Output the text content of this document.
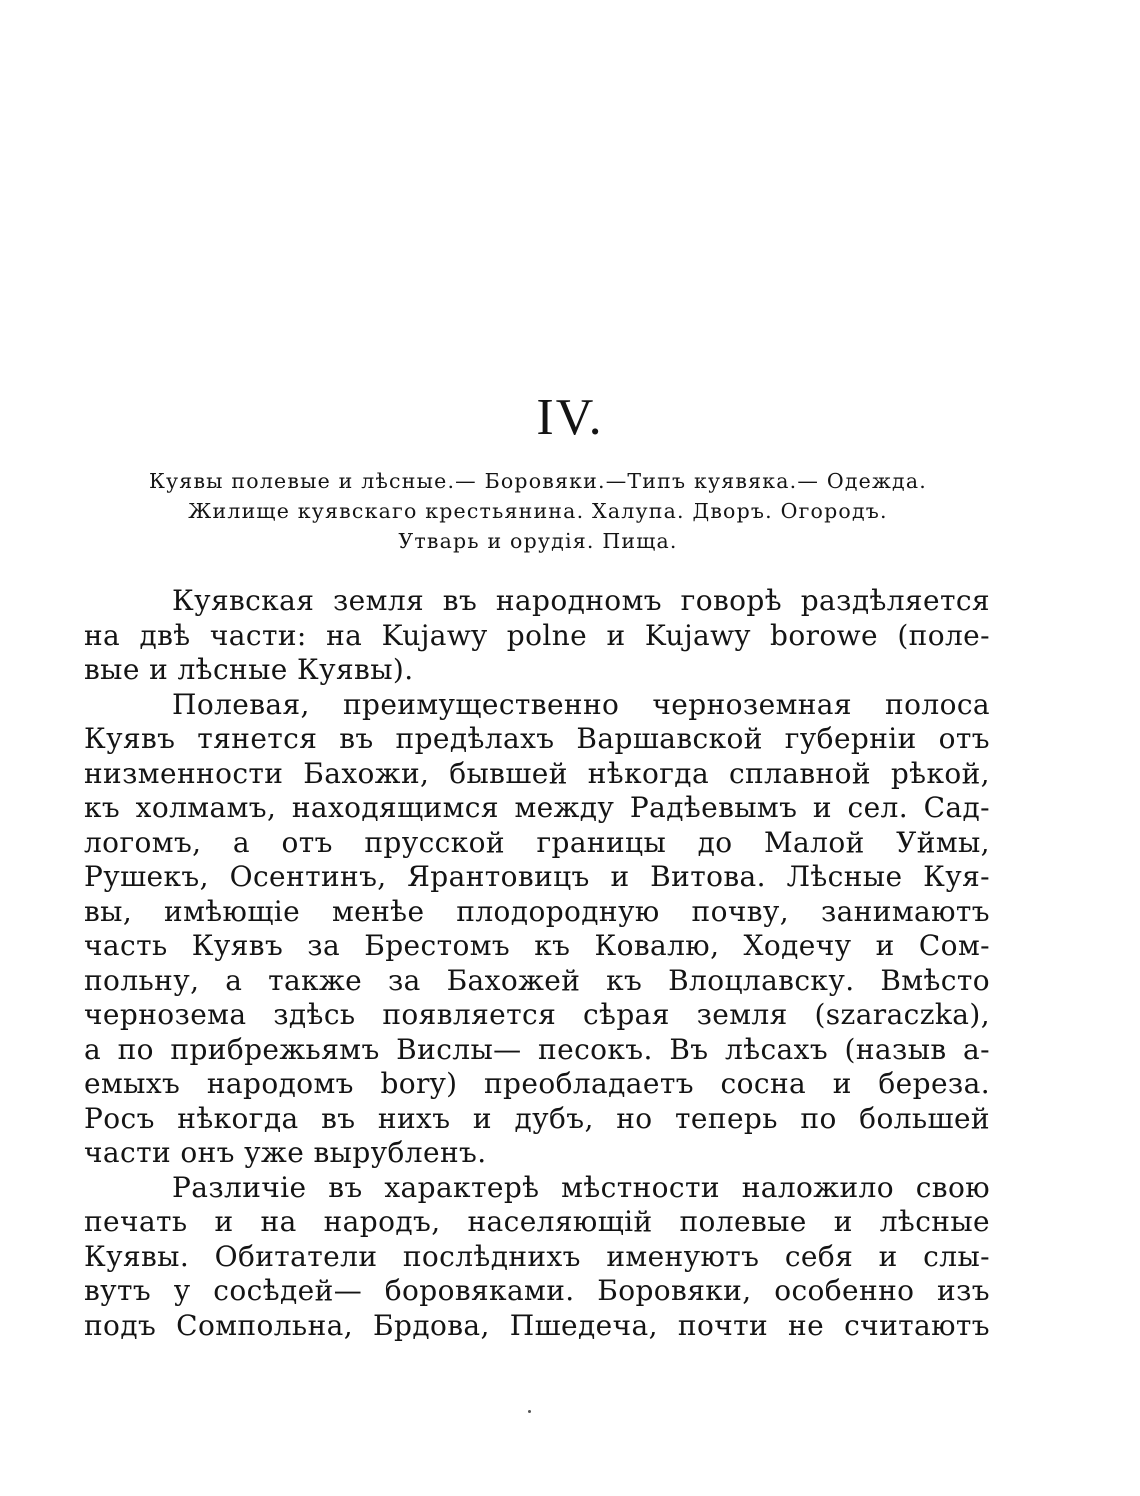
IV.
Куявы полевые и лѣсные.— Боровяки.—Типъ куявяка.— Одежда.
Жилище куявскаго крестьянина. Халупа. Дворъ. Огородъ.
Утварь и орудія. Пища.
Куявская земля въ народномъ говорѣ раздѣляется
на двѣ части: на Kujawy polne и Kujawy borowe (поле-
вые и лѣсные Куявы).
Полевая, преимущественно черноземная полоса
Куявъ тянется въ предѣлахъ Варшавской губерніи отъ
низменности Бахожи, бывшей нѣкогда сплавной рѣкой,
къ холмамъ, находящимся между Радѣевымъ и сел. Сад-
логомъ, а отъ прусской границы до Малой Уймы,
Рушекъ, Осентинъ, Ярантовицъ и Витова. Лѣсные Куя-
вы, имѣющіе менѣе плодородную почву, занимаютъ
часть Куявъ за Брестомъ къ Ковалю, Ходечу и Сом-
польну, а также за Бахожей къ Влоцлавску. Вмѣсто
чернозема здѣсь появляется сѣрая земля (szaraczka),
а по прибрежьямъ Вислы— песокъ. Въ лѣсахъ (назыв а-
емыхъ народомъ bory) преобладаетъ сосна и береза.
Росъ нѣкогда въ нихъ и дубъ, но теперь по большей
части онъ уже вырубленъ.
Различіе въ характерѣ мѣстности наложило свою
печать и на народъ, населяющій полевые и лѣсные
Куявы. Обитатели послѣднихъ именуютъ себя и слы-
вутъ у сосѣдей— боровяками. Боровяки, особенно изъ
подъ Сомпольна, Брдова, Пшедеча, почти не считаютъ
